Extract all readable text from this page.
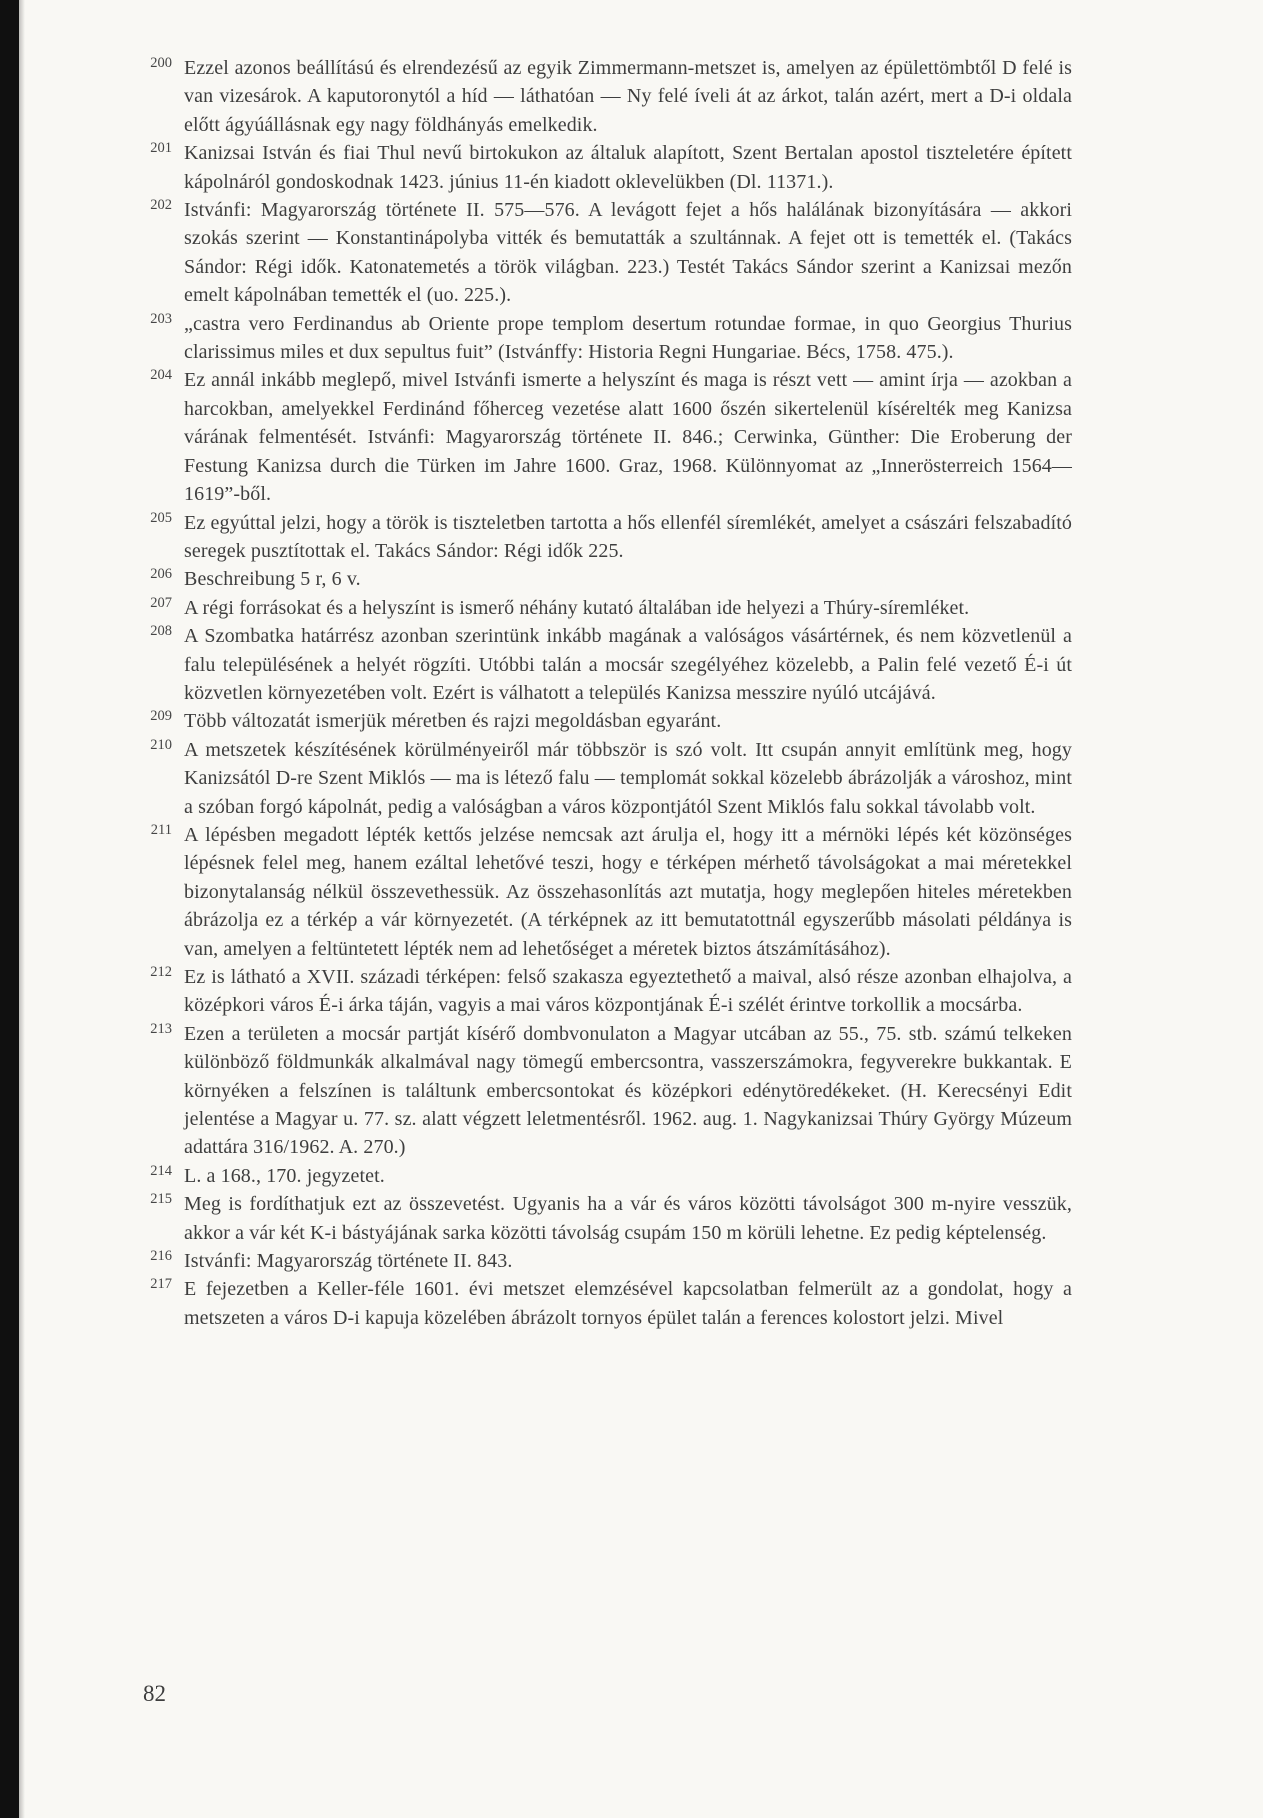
200 Ezzel azonos beállítású és elrendezésű az egyik Zimmermann-metszet is, amelyen az épülettömbtől D felé is van vizesárok. A kaputoronytól a híd — láthatóan — Ny felé íveli át az árkot, talán azért, mert a D-i oldala előtt ágyúállásnak egy nagy földhányás emelkedik.
201 Kanizsai István és fiai Thul nevű birtokukon az általuk alapított, Szent Bertalan apostol tiszteletére épített kápolnáról gondoskodnak 1423. június 11-én kiadott oklevelükben (Dl. 11371.).
202 Istvánfi: Magyarország története II. 575—576. A levágott fejet a hős halálának bizonyítására — akkori szokás szerint — Konstantinápolyba vitték és bemutatták a szultánnak. A fejet ott is temették el. (Takács Sándor: Régi idők. Katonatemetés a török világban. 223.) Testét Takács Sándor szerint a Kanizsai mezőn emelt kápolnában temették el (uo. 225.).
203 „castra vero Ferdinandus ab Oriente prope templom desertum rotundae formae, in quo Georgius Thurius clarissimus miles et dux sepultus fuit” (Istvánffy: Historia Regni Hungariae. Bécs, 1758. 475.).
204 Ez annál inkább meglepő, mivel Istvánfi ismerte a helyszínt és maga is részt vett — amint írja — azokban a harcokban, amelyekkel Ferdinánd főherceg vezetése alatt 1600 őszén sikertelenül kísérelték meg Kanizsa várának felmentését. Istvánfi: Magyarország története II. 846.; Cerwinka, Günther: Die Eroberung der Festung Kanizsa durch die Türken im Jahre 1600. Graz, 1968. Különnyomat az „Innerösterreich 1564—1619”-ből.
205 Ez egyúttal jelzi, hogy a török is tiszteletben tartotta a hős ellenfél síremlékét, amelyet a császári felszabadító seregek pusztítottak el. Takács Sándor: Régi idők 225.
206 Beschreibung 5 r, 6 v.
207 A régi forrásokat és a helyszínt is ismerő néhány kutató általában ide helyezi a Thúry-síremléket.
208 A Szombatka határrész azonban szerintünk inkább magának a valóságos vásártérnek, és nem közvetlenül a falu településének a helyét rögzíti. Utóbbi talán a mocsár szegélyéhez közelebb, a Palin felé vezető É-i út közvetlen környezetében volt. Ezért is válhatott a település Kanizsa messzire nyúló utcájává.
209 Több változatát ismerjük méretben és rajzi megoldásban egyaránt.
210 A metszetek készítésének körülményeiről már többször is szó volt. Itt csupán annyit említünk meg, hogy Kanizsától D-re Szent Miklós — ma is létező falu — templomát sokkal közelebb ábrázolják a városhoz, mint a szóban forgó kápolnát, pedig a valóságban a város központjától Szent Miklós falu sokkal távolabb volt.
211 A lépésben megadott lépték kettős jelzése nemcsak azt árulja el, hogy itt a mérnöki lépés két közönséges lépésnek felel meg, hanem ezáltal lehetővé teszi, hogy e térképen mérhető távolságokat a mai méretekkel bizonytalanság nélkül összevethessük. Az összehasonlítás azt mutatja, hogy meglepően hiteles méretekben ábrázolja ez a térkép a vár környezetét. (A térképnek az itt bemutatottnál egyszerűbb másolati példánya is van, amelyen a feltüntetett lépték nem ad lehetőséget a méretek biztos átszámításához).
212 Ez is látható a XVII. századi térképen: felső szakasza egyeztethető a maival, alsó része azonban elhajolva, a középkori város É-i árka táján, vagyis a mai város központjának É-i szélét érintve torkollik a mocsárba.
213 Ezen a területen a mocsár partját kísérő dombvonulaton a Magyar utcában az 55., 75. stb. számú telkeken különböző földmunkák alkalmával nagy tömegű embercsontra, vasszerszámokra, fegyverekre bukkantak. E környéken a felszínen is találtunk embercsontokat és középkori edénytöredékeket. (H. Kerecsényi Edit jelentése a Magyar u. 77. sz. alatt végzett leletmentésről. 1962. aug. 1. Nagykanizsai Thúry György Múzeum adattára 316/1962. A. 270.)
214 L. a 168., 170. jegyzetet.
215 Meg is fordíthatjuk ezt az összevetést. Ugyanis ha a vár és város közötti távolságot 300 m-nyire vesszük, akkor a vár két K-i bástyájának sarka közötti távolság csupám 150 m körüli lehetne. Ez pedig képtelenség.
216 Istvánfi: Magyarország története II. 843.
217 E fejezetben a Keller-féle 1601. évi metszet elemzésével kapcsolatban felmerült az a gondolat, hogy a metszeten a város D-i kapuja közelében ábrázolt tornyos épület talán a ferences kolostort jelzi. Mivel
82
